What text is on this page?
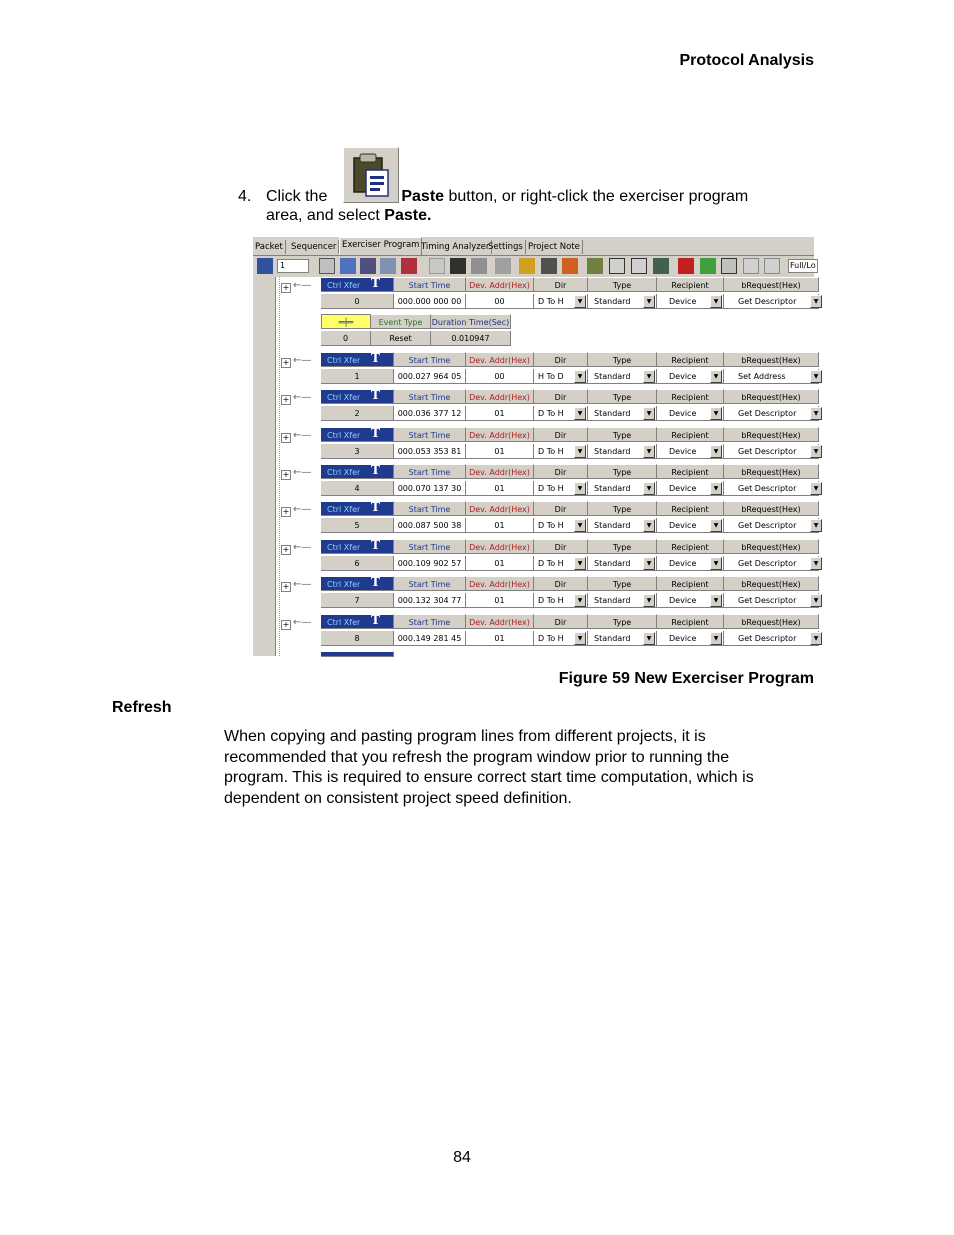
Protocol Analysis
4. Click the	Paste button, or right-click the exerciser program
area, and select Paste.
Packet Sequencer Exerciser Program Timing Analyzer
Settings Project Note
1	Full/Lo
+ ←—	Ctrl Xfer T	Start Time	Dev. Addr(Hex)	Dir	Type	Recipient	bRequest(Hex)
0	000.000 000 00	00	D To H	▼	Standard	▼	Device	▼	Get Descriptor	▼
+ ←—	Ctrl Xfer T	Start Time	Dev. Addr(Hex)	Dir	Type	Recipient	bRequest(Hex)
1	000.027 964 05	00	H To D	▼	Standard	▼	Device	▼	Set Address	▼
+ ←—	Ctrl Xfer T	Start Time	Dev. Addr(Hex)	Dir	Type	Recipient	bRequest(Hex)
2	000.036 377 12	01	D To H	▼	Standard	▼	Device	▼	Get Descriptor	▼
+ ←—	Ctrl Xfer T	Start Time	Dev. Addr(Hex)	Dir	Type	Recipient	bRequest(Hex)
3	000.053 353 81	01	D To H	▼	Standard	▼	Device	▼	Get Descriptor	▼
+ ←—	Ctrl Xfer T	Start Time	Dev. Addr(Hex)	Dir	Type	Recipient	bRequest(Hex)
4	000.070 137 30	01	D To H	▼	Standard	▼	Device	▼	Get Descriptor	▼
+ ←—	Ctrl Xfer T	Start Time	Dev. Addr(Hex)	Dir	Type	Recipient	bRequest(Hex)
5	000.087 500 38	01	D To H	▼	Standard	▼	Device	▼	Get Descriptor	▼
+ ←—	Ctrl Xfer T	Start Time	Dev. Addr(Hex)	Dir	Type	Recipient	bRequest(Hex)
6	000.109 902 57	01	D To H	▼	Standard	▼	Device	▼	Get Descriptor	▼
+ ←—	Ctrl Xfer T	Start Time	Dev. Addr(Hex)	Dir	Type	Recipient	bRequest(Hex)
7	000.132 304 77	01	D To H	▼	Standard	▼	Device	▼	Get Descriptor	▼
+ ←—	Ctrl Xfer T	Start Time	Dev. Addr(Hex)	Dir	Type	Recipient	bRequest(Hex)
8	000.149 281 45	01	D To H	▼	Standard	▼	Device	▼	Get Descriptor	▼
═╪═	Event Type	Duration Time(Sec)
0	Reset	0.010947
Figure 59 New Exerciser Program
Refresh
When copying and pasting program lines from different projects, it is
recommended that you refresh the program window prior to running the
program. This is required to ensure correct start time computation, which is
dependent on consistent project speed definition.
84
